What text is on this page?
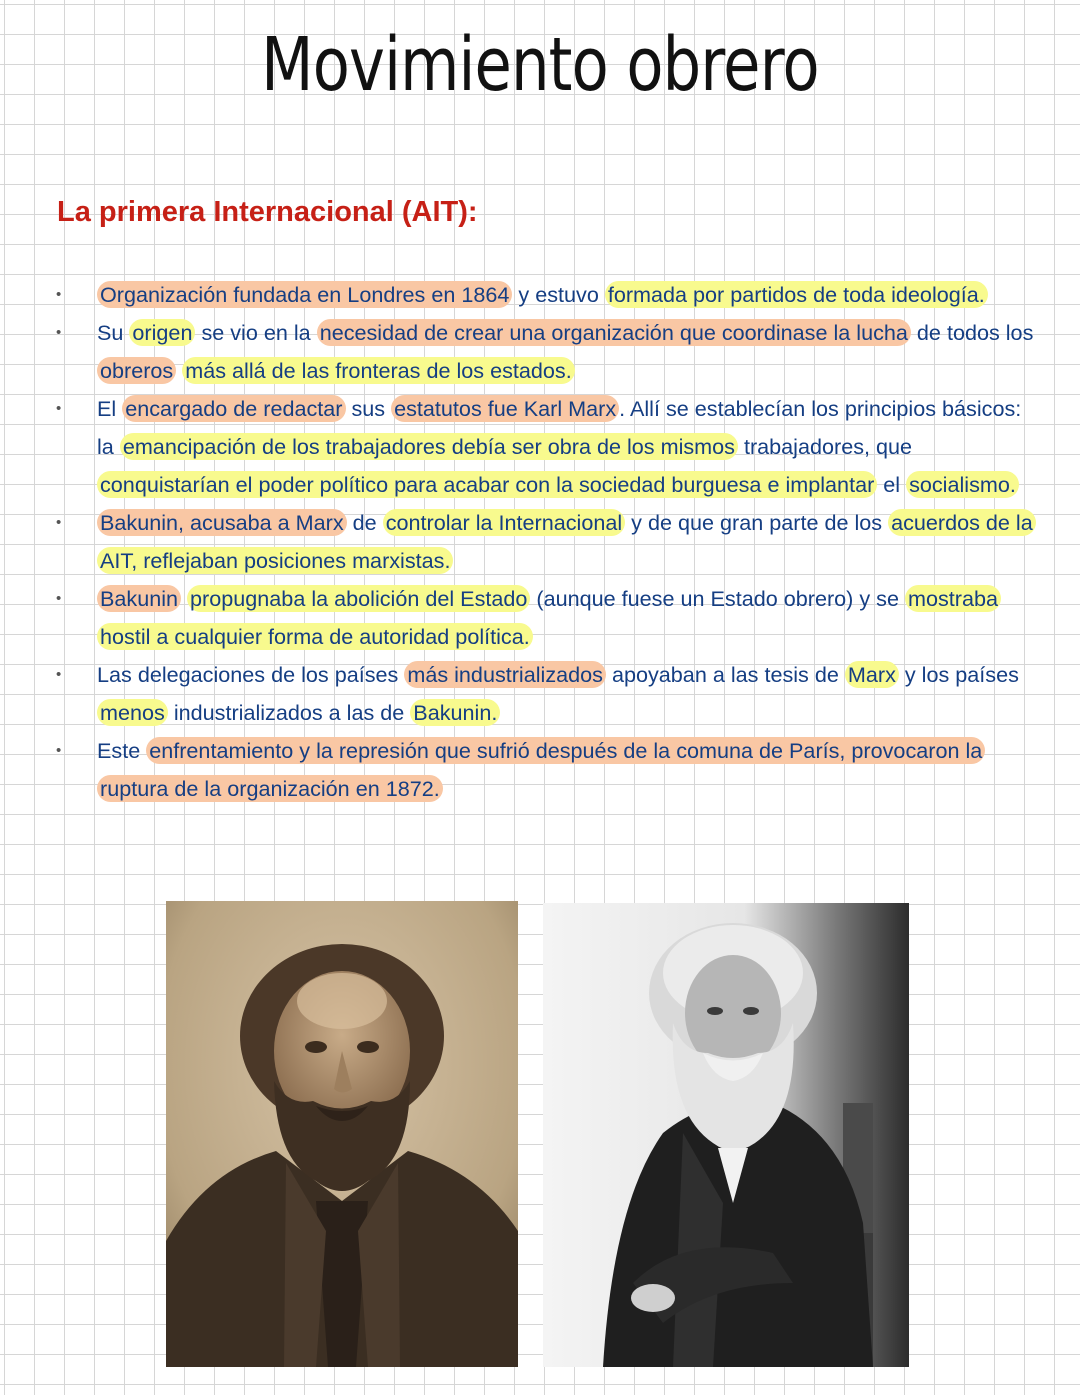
Movimiento obrero
La primera Internacional (AIT):
• Organización fundada en Londres en 1864 y estuvo formada por partidos de toda ideología.
• Su origen se vio en la necesidad de crear una organización que coordinase la lucha de todos los obreros más allá de las fronteras de los estados.
• El encargado de redactar sus estatutos fue Karl Marx . Allí se establecían los principios básicos: la emancipación de los trabajadores debía ser obra de los mismos trabajadores, que conquistarían el poder político para acabar con la sociedad burguesa e implantar el socialismo.
• Bakunin, acusaba a Marx de controlar la Internacional y de que gran parte de los acuerdos de la AIT, reflejaban posiciones marxistas.
• Bakunin propugnaba la abolición del Estado (aunque fuese un Estado obrero) y se mostraba hostil a cualquier forma de autoridad política.
• Las delegaciones de los países más industrializados apoyaban a las tesis de Marx y los países menos industrializados a las de Bakunin.
• Este enfrentamiento y la represión que sufrió después de la comuna de París, provocaron la ruptura de la organización en 1872.
